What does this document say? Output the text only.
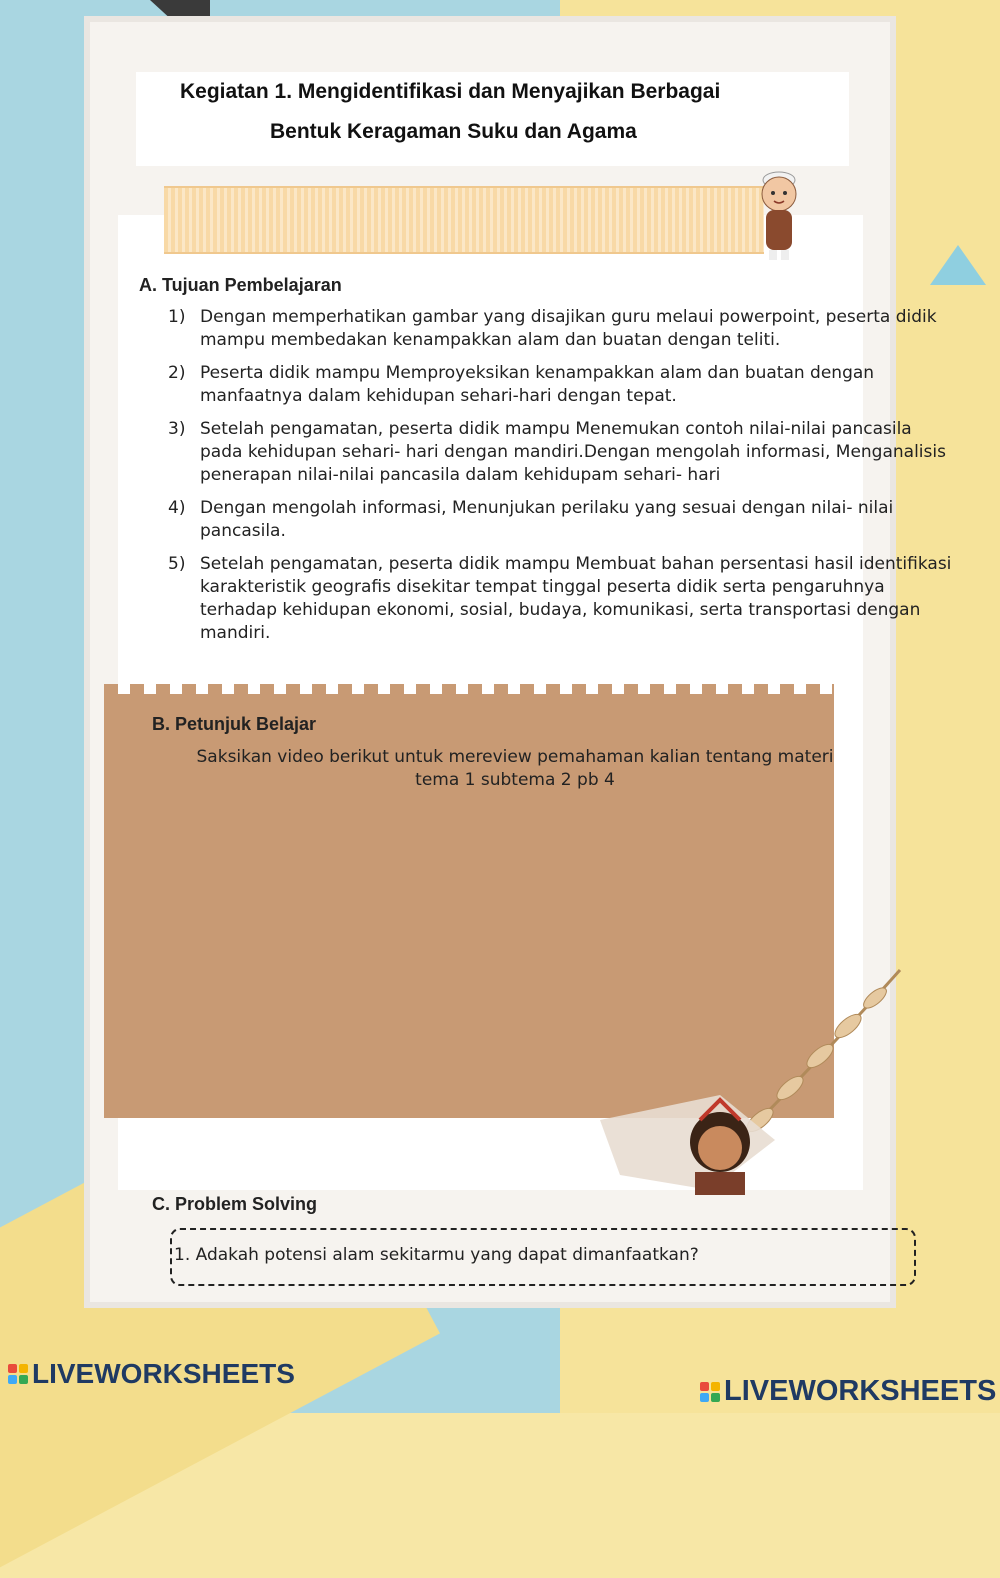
Kegiatan 1. Mengidentifikasi dan Menyajikan Berbagai

Bentuk Keragaman Suku dan Agama

A. Tujuan Pembelajaran

1) Dengan memperhatikan gambar yang disajikan guru melaui powerpoint, peserta didik mampu membedakan kenampakkan alam dan buatan dengan teliti.
2) Peserta didik mampu Memproyeksikan kenampakkan alam dan buatan dengan manfaatnya dalam kehidupan sehari-hari dengan tepat.
3) Setelah pengamatan, peserta didik mampu Menemukan contoh nilai-nilai pancasila pada kehidupan sehari- hari dengan mandiri.Dengan mengolah informasi, Menganalisis penerapan nilai-nilai pancasila dalam kehidupam sehari- hari
4) Dengan mengolah informasi, Menunjukan perilaku yang sesuai dengan nilai- nilai pancasila.
5) Setelah pengamatan, peserta didik mampu Membuat bahan persentasi hasil identifikasi karakteristik geografis disekitar tempat tinggal peserta didik serta pengaruhnya terhadap kehidupan ekonomi, sosial, budaya, komunikasi, serta transportasi dengan mandiri.

B. Petunjuk Belajar

Saksikan video berikut untuk mereview pemahaman kalian tentang materi
tema 1 subtema 2 pb 4

C. Problem Solving

1. Adakah potensi alam sekitarmu yang dapat dimanfaatkan?

LIVEWORKSHEETS
LIVEWORKSHEETS
